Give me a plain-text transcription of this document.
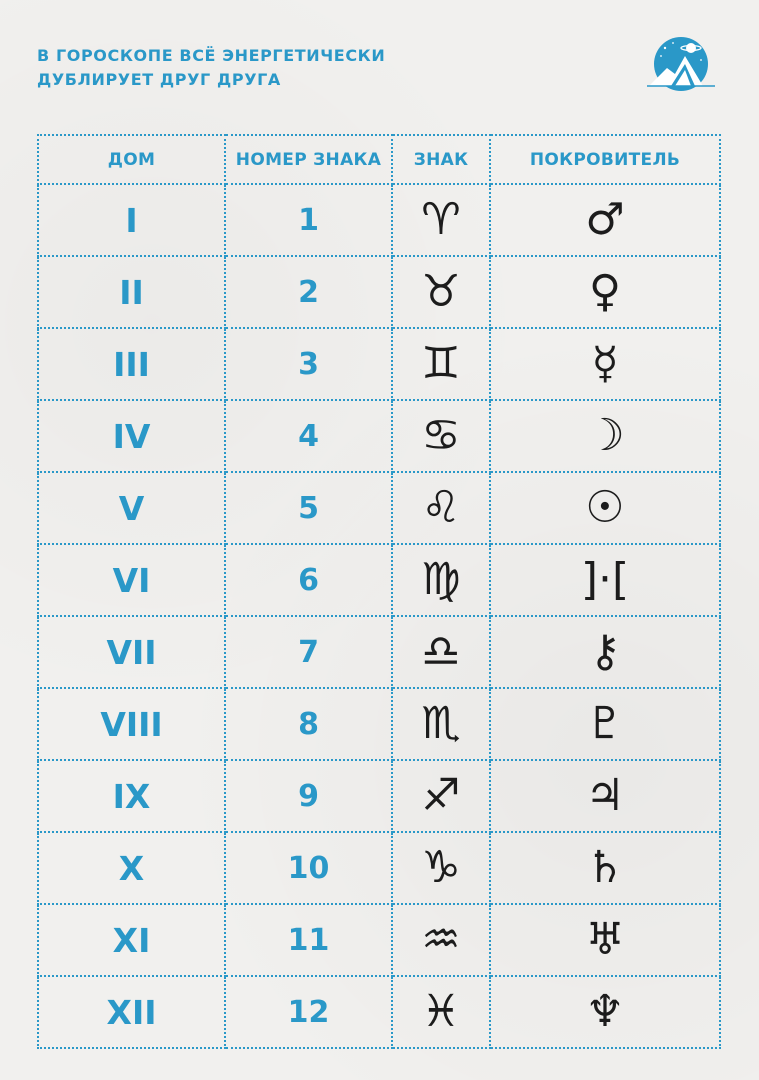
В ГОРОСКОПЕ ВСЁ ЭНЕРГЕТИЧЕСКИ
ДУБЛИРУЕТ ДРУГ ДРУГА
ДОМ	НОМЕР ЗНАКА	ЗНАК	ПОКРОВИТЕЛЬ
I	1	♈	♂
II	2	♉	♀
III	3	♊	☿
IV	4	♋	☽
V	5	♌	☉
VI	6	♍	]·[
VII	7	♎	⚷
VIII	8	♏	♇
IX	9	♐	♃
X	10	♑	♄
XI	11	♒	♅
XII	12	♓	♆
